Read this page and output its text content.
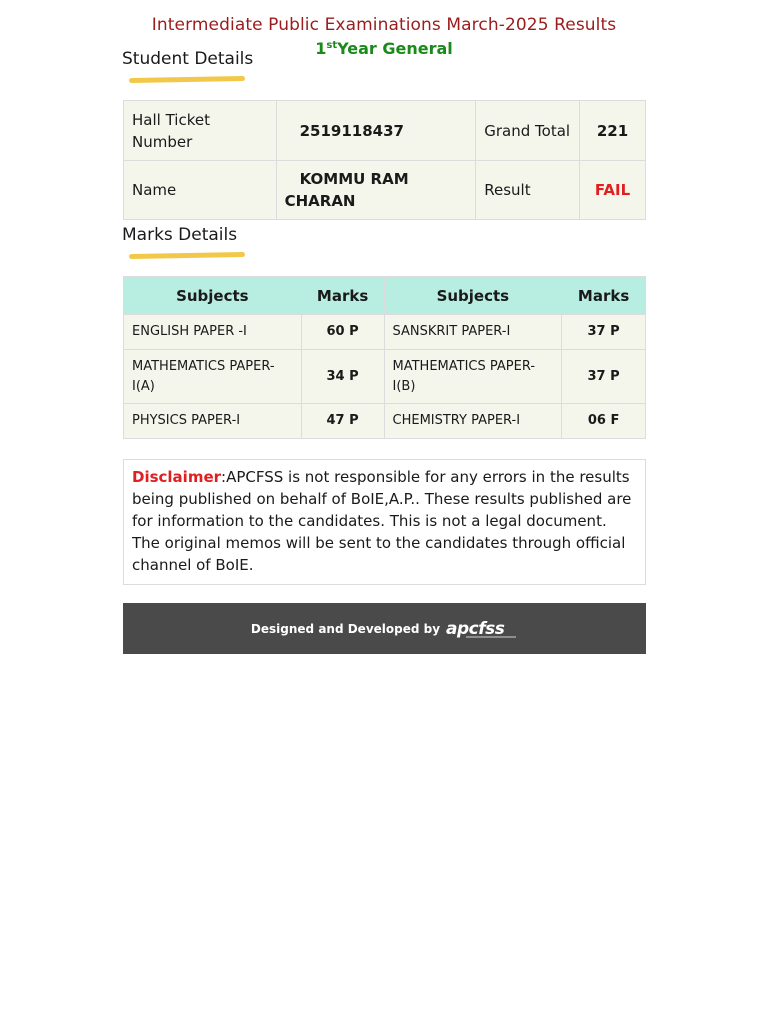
Intermediate Public Examinations March-2025 Results
1stYear General
Student Details
Hall Ticket Number	2519118437	Grand Total	221
Name	KOMMU RAM CHARAN	Result	FAIL
Marks Details
Subjects	Marks	Subjects	Marks
ENGLISH PAPER -I	60 P	SANSKRIT PAPER-I	37 P
MATHEMATICS PAPER-I(A)	34 P	MATHEMATICS PAPER-I(B)	37 P
PHYSICS PAPER-I	47 P	CHEMISTRY PAPER-I	06 F
Disclaimer:APCFSS is not responsible for any errors in the results being published on behalf of BoIE,A.P.. These results published are for information to the candidates. This is not a legal document. The original memos will be sent to the candidates through official channel of BoIE.
Designed and Developed by apcfss
